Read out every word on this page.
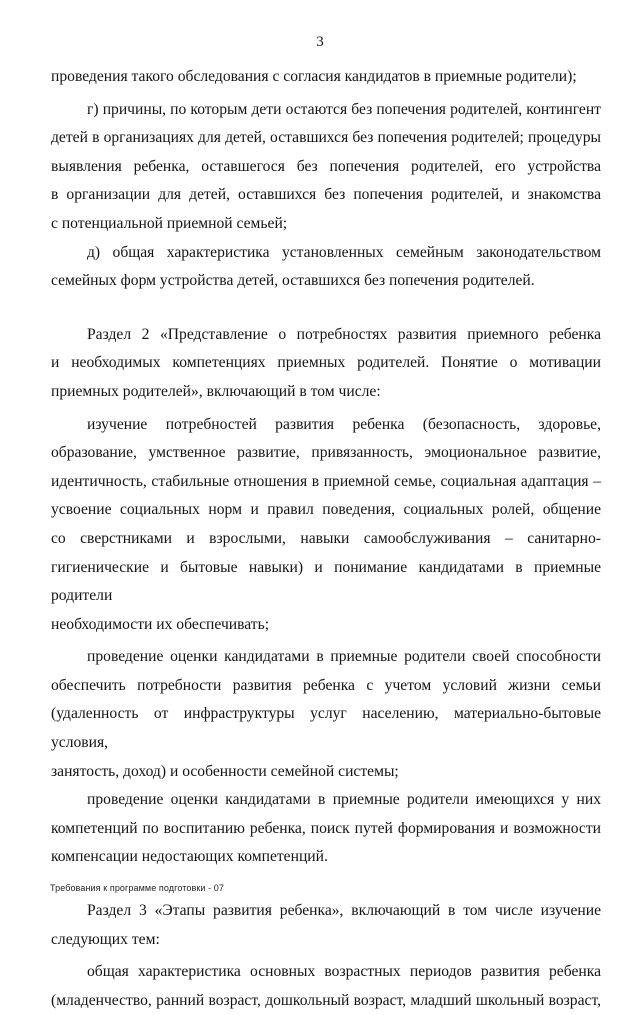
3
проведения такого обследования с согласия кандидатов в приемные родители);
г) причины, по которым дети остаются без попечения родителей, контингент
детей в организациях для детей, оставшихся без попечения родителей; процедуры
выявления ребенка, оставшегося без попечения родителей, его устройства
в организации для детей, оставшихся без попечения родителей, и знакомства
с потенциальной приемной семьей;
д) общая характеристика установленных семейным законодательством
семейных форм устройства детей, оставшихся без попечения родителей.
Раздел 2 «Представление о потребностях развития приемного ребенка
и необходимых компетенциях приемных родителей. Понятие о мотивации
приемных родителей», включающий в том числе:
изучение потребностей развития ребенка (безопасность, здоровье,
образование, умственное развитие, привязанность, эмоциональное развитие,
идентичность, стабильные отношения в приемной семье, социальная адаптация –
усвоение социальных норм и правил поведения, социальных ролей, общение
со сверстниками и взрослыми, навыки самообслуживания – санитарно-
гигиенические и бытовые навыки) и понимание кандидатами в приемные родители
необходимости их обеспечивать;
проведение оценки кандидатами в приемные родители своей способности
обеспечить потребности развития ребенка с учетом условий жизни семьи
(удаленность от инфраструктуры услуг населению, материально-бытовые условия,
занятость, доход) и особенности семейной системы;
проведение оценки кандидатами в приемные родители имеющихся у них
компетенций по воспитанию ребенка, поиск путей формирования и возможности
компенсации недостающих компетенций.
Раздел 3 «Этапы развития ребенка», включающий в том числе изучение
следующих тем:
общая характеристика основных возрастных периодов развития ребенка
(младенчество, ранний возраст, дошкольный возраст, младший школьный возраст,
Требования к программе подготовки - 07
